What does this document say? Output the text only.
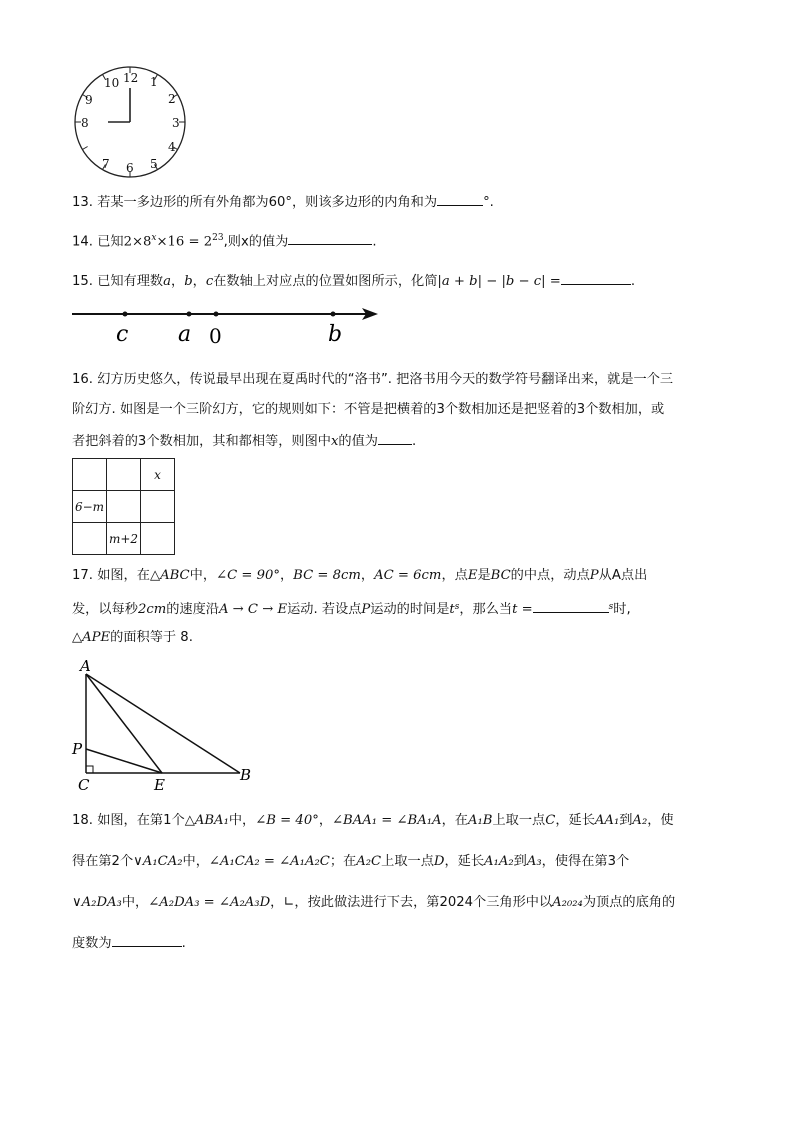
12 1
2
3
4
5
6
7
8
9
10
13. 若某一多边形的所有外角都为60°，则该多边形的内角和为	°.
14. 已知$2\times 8^x\times 16 = 2^{23}$,则x的值为	.
15. 已知有理数a，b，c在数轴上对应点的位置如图所示，化简|a + b| − |b − c| =	.
c a 0	b
16. 幻方历史悠久，传说最早出现在夏禹时代的“洛书”. 把洛书用今天的数学符号翻译出来，就是一个三
阶幻方. 如图是一个三阶幻方，它的规则如下：不管是把横着的3个数相加还是把竖着的3个数相加，或
者把斜着的3个数相加，其和都相等，则图中x的值为	.
		x
6−m		
	m+2	
17. 如图，在△ABC中，∠C = 90°，BC = 8cm，AC = 6cm，点E是BC的中点，动点P从A点出
发，以每秒2cm的速度沿A → C → E运动. 若设点P运动的时间是$t^s$，那么当t =	$^s$时,
△APE的面积等于 8.
A
P
C	E
B
18. 如图，在第1个△ABA₁中，∠B = 40°，∠BAA₁ = ∠BA₁A，在A₁B上取一点C，延长AA₁到A₂，使
得在第2个∨A₁CA₂中，∠A₁CA₂ = ∠A₁A₂C；在A₂C上取一点D，延长A₁A₂到A₃，使得在第3个
∨A₂DA₃中，∠A₂DA₃ = ∠A₂A₃D，∟，按此做法进行下去，第2024个三角形中以A₂₀₂₄为顶点的底角的
度数为	.
